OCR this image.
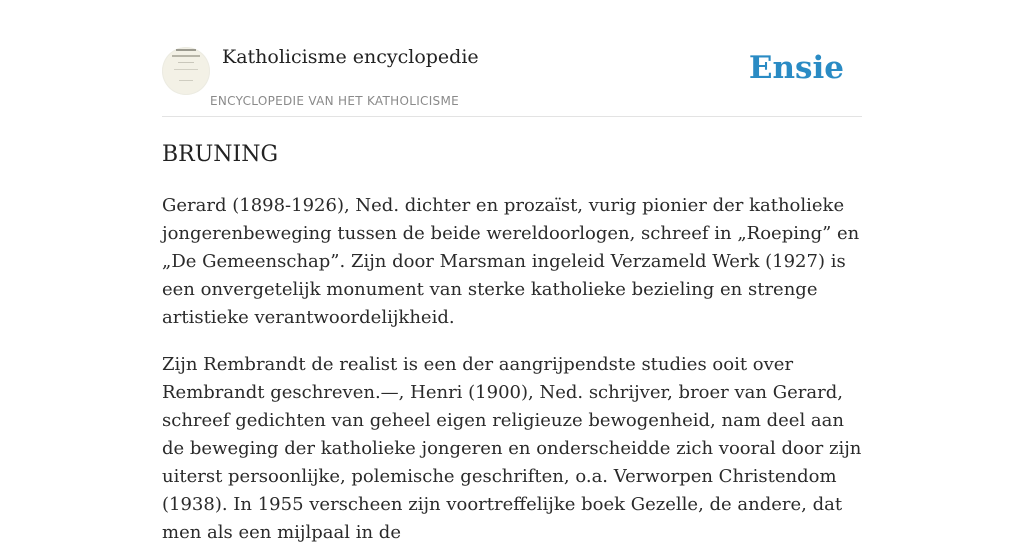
Katholicisme encyclopedie
ENCYCLOPEDIE VAN HET KATHOLICISME
Ensie
BRUNING

Gerard (1898-1926), Ned. dichter en prozaïst, vurig pionier der katholieke jongerenbeweging tussen de beide wereldoorlogen, schreef in „Roeping” en „De Gemeenschap”. Zijn door Marsman ingeleid Verzameld Werk (1927) is een onvergetelijk monument van sterke katholieke bezieling en strenge artistieke verantwoordelijkheid.

Zijn Rembrandt de realist is een der aangrijpendste studies ooit over Rembrandt geschreven.—, Henri (1900), Ned. schrijver, broer van Gerard, schreef gedichten van geheel eigen religieuze bewogenheid, nam deel aan de beweging der katholieke jongeren en onderscheidde zich vooral door zijn uiterst persoonlijke, polemische geschriften, o.a. Verworpen Christendom (1938). In 1955 verscheen zijn voortreffelijke boek Gezelle, de andere, dat men als een mijlpaal in de
